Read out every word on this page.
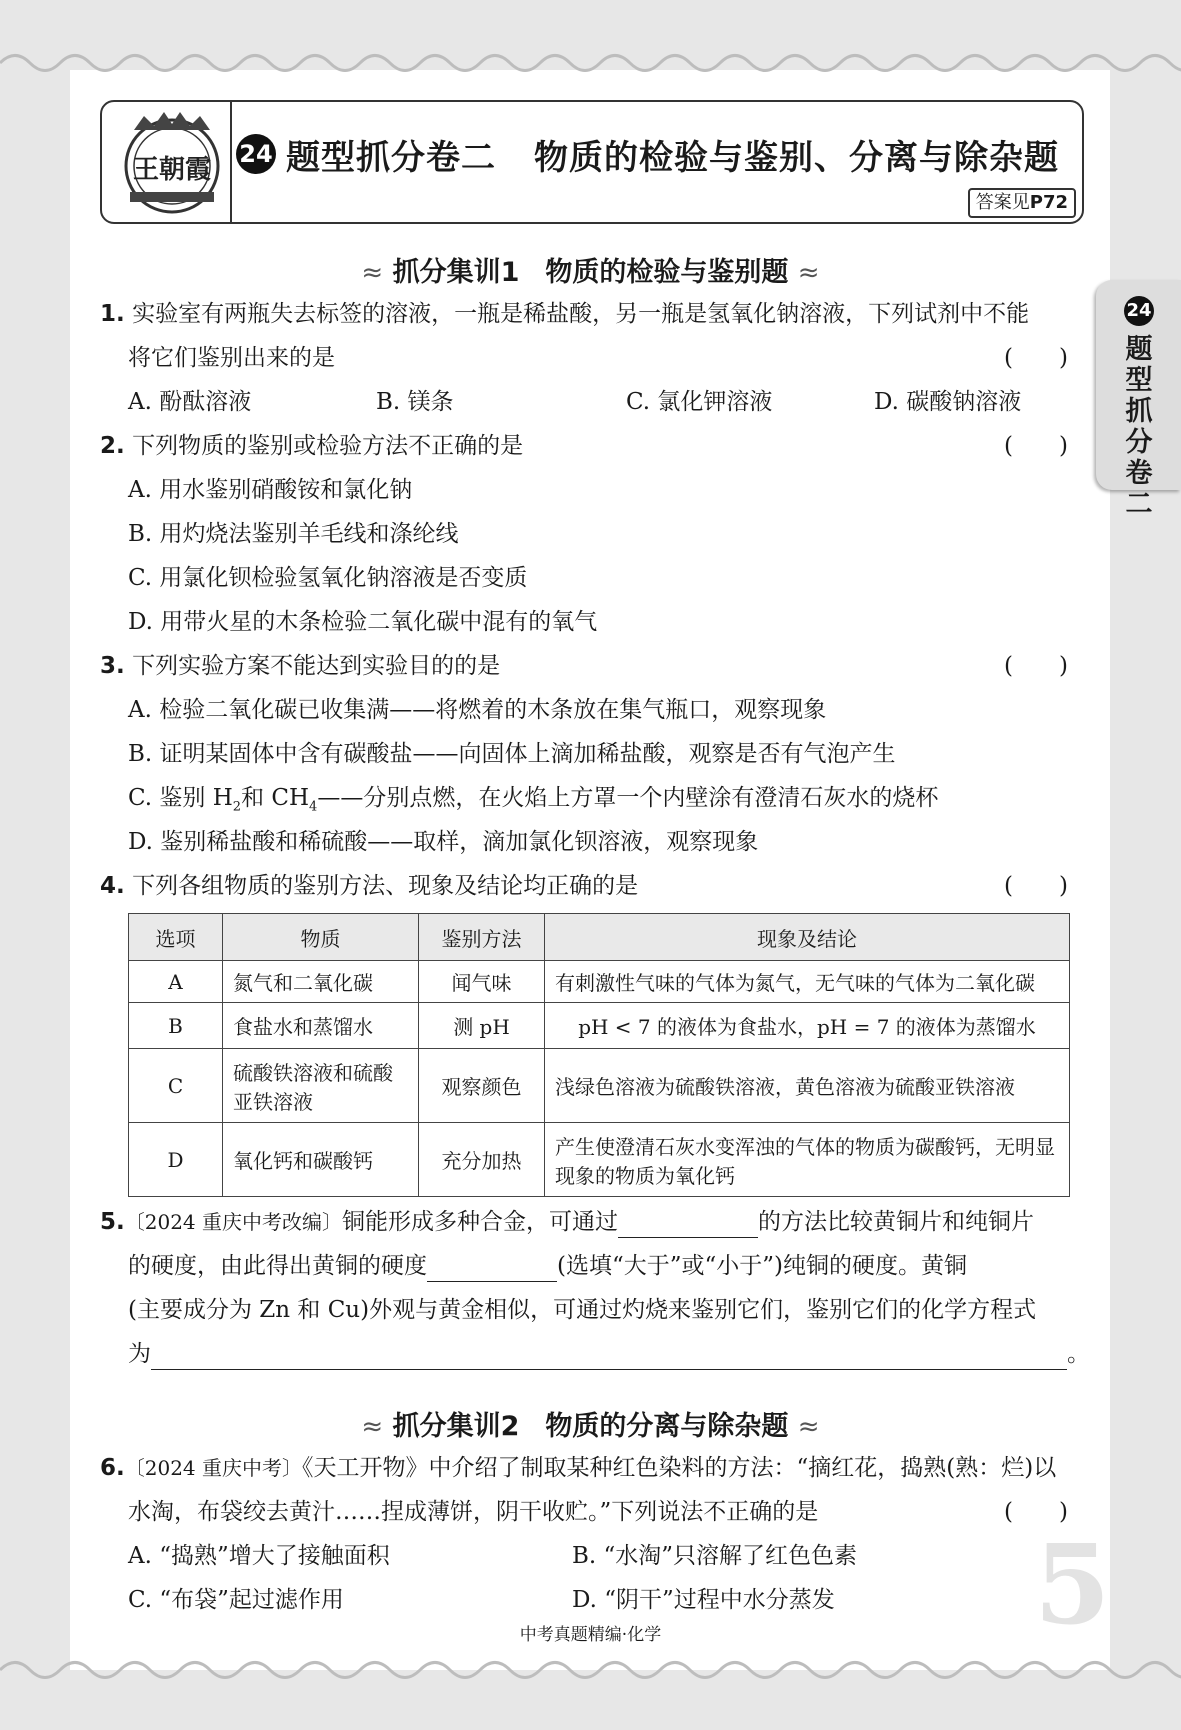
王朝霞
24 题型抓分卷二 物质的检验与鉴别、分离与除杂题
答案见P72
24
题型抓分卷二
≈ 抓分集训1 物质的检验与鉴别题 ≈
1. 实验室有两瓶失去标签的溶液，一瓶是稀盐酸，另一瓶是氢氧化钠溶液，下列试剂中不能
将它们鉴别出来的是	(　　)
A. 酚酞溶液	B. 镁条	C. 氯化钾溶液	D. 碳酸钠溶液
2. 下列物质的鉴别或检验方法不正确的是	(　　)
A. 用水鉴别硝酸铵和氯化钠
B. 用灼烧法鉴别羊毛线和涤纶线
C. 用氯化钡检验氢氧化钠溶液是否变质
D. 用带火星的木条检验二氧化碳中混有的氧气
3. 下列实验方案不能达到实验目的的是	(　　)
A. 检验二氧化碳已收集满——将燃着的木条放在集气瓶口，观察现象
B. 证明某固体中含有碳酸盐——向固体上滴加稀盐酸，观察是否有气泡产生
C. 鉴别 $H_2$和 $CH_4——$分别点燃，在火焰上方罩一个内壁涂有澄清石灰水的烧杯
D. 鉴别稀盐酸和稀硫酸——取样，滴加氯化钡溶液，观察现象
4. 下列各组物质的鉴别方法、现象及结论均正确的是	(　　)
选项	物质	鉴别方法	现象及结论
A	氮气和二氧化碳	闻气味	有刺激性气味的气体为氮气，无气味的气体为二氧化碳
B	食盐水和蒸馏水	测 pH	pH < 7 的液体为食盐水，pH = 7 的液体为蒸馏水
C	硫酸铁溶液和硫酸亚铁溶液	观察颜色	浅绿色溶液为硫酸铁溶液，黄色溶液为硫酸亚铁溶液
D	氧化钙和碳酸钙	充分加热	产生使澄清石灰水变浑浊的气体的物质为碳酸钙，无明显现象的物质为氧化钙
5.〔2024 重庆中考改编〕铜能形成多种合金，可通过	的方法比较黄铜片和纯铜片
的硬度，由此得出黄铜的硬度	(选填“大于”或“小于”)纯铜的硬度。黄铜
(主要成分为 Zn 和 Cu)外观与黄金相似，可通过灼烧来鉴别它们，鉴别它们的化学方程式
为	。
≈ 抓分集训2 物质的分离与除杂题 ≈
6.〔2024 重庆中考〕《天工开物》中介绍了制取某种红色染料的方法：“摘红花，捣熟(熟：烂)以
水淘，布袋绞去黄汁……捏成薄饼，阴干收贮。”下列说法不正确的是	(　　)
A. “捣熟”增大了接触面积	B. “水淘”只溶解了红色色素
C. “布袋”起过滤作用	D. “阴干”过程中水分蒸发 5
中考真题精编·化学
